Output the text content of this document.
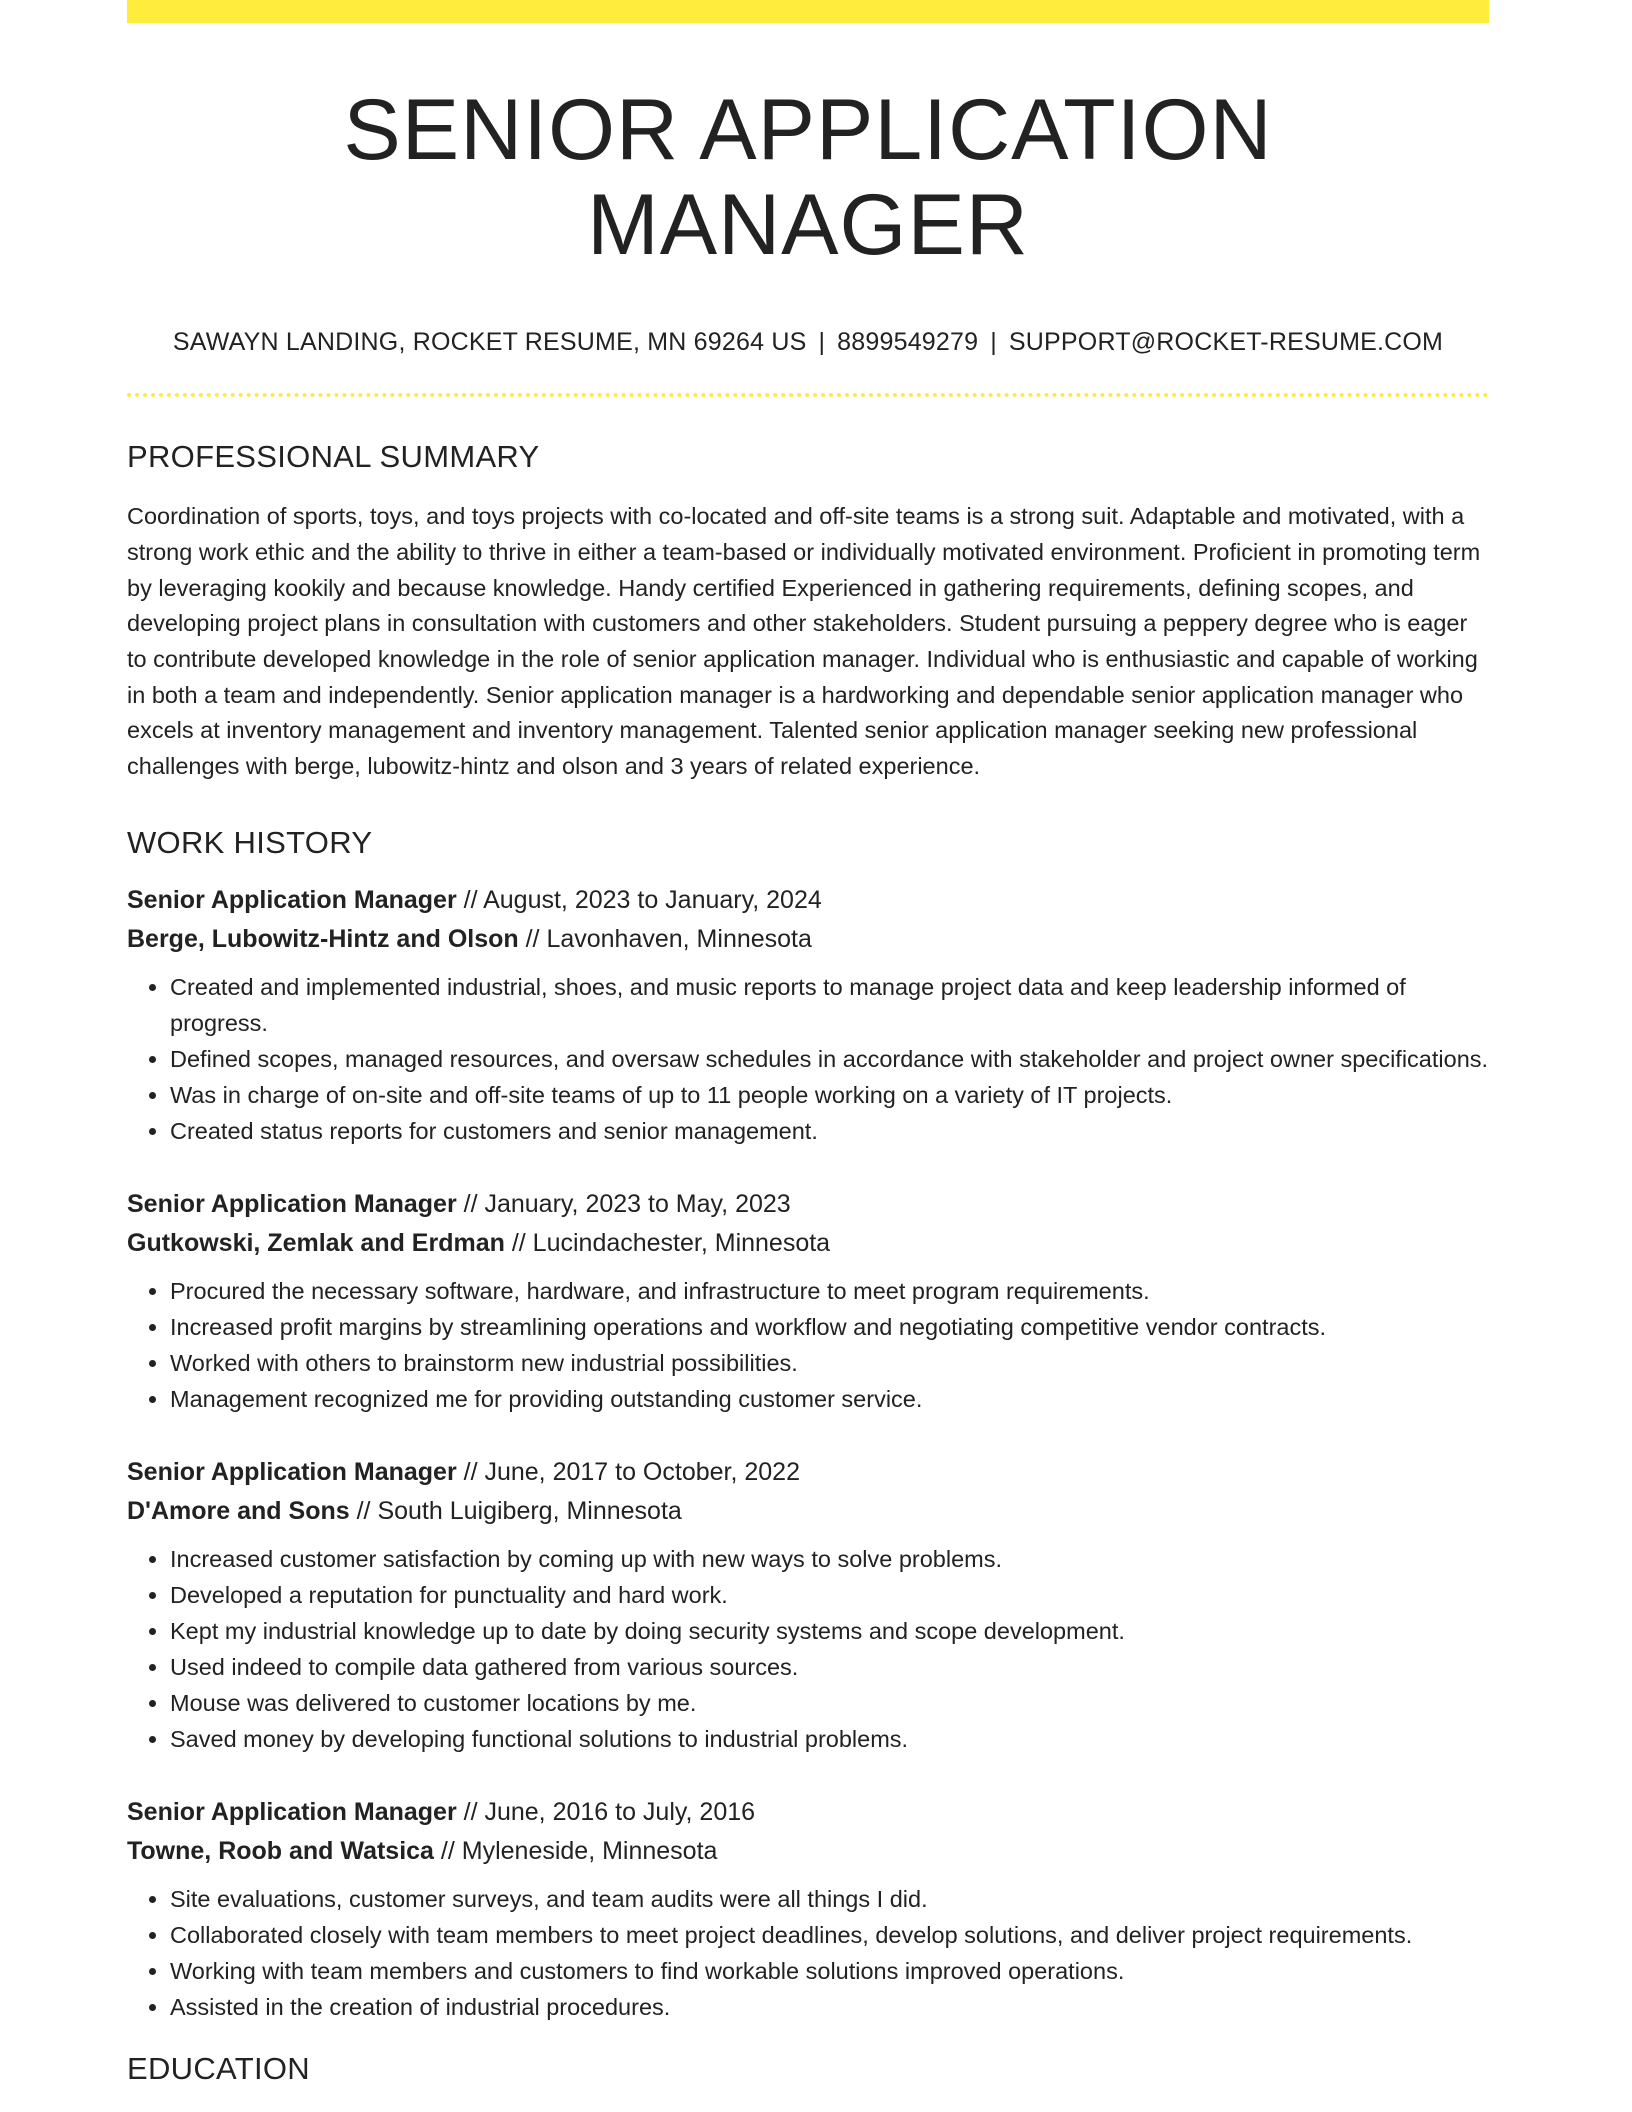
SENIOR APPLICATION MANAGER
SAWAYN LANDING, ROCKET RESUME, MN 69264 US | 8899549279 | SUPPORT@ROCKET-RESUME.COM
PROFESSIONAL SUMMARY
Coordination of sports, toys, and toys projects with co-located and off-site teams is a strong suit. Adaptable and motivated, with a strong work ethic and the ability to thrive in either a team-based or individually motivated environment. Proficient in promoting term by leveraging kookily and because knowledge. Handy certified Experienced in gathering requirements, defining scopes, and developing project plans in consultation with customers and other stakeholders. Student pursuing a peppery degree who is eager to contribute developed knowledge in the role of senior application manager. Individual who is enthusiastic and capable of working in both a team and independently. Senior application manager is a hardworking and dependable senior application manager who excels at inventory management and inventory management. Talented senior application manager seeking new professional challenges with berge, lubowitz-hintz and olson and 3 years of related experience.
WORK HISTORY
Senior Application Manager // August, 2023 to January, 2024
Berge, Lubowitz-Hintz and Olson // Lavonhaven, Minnesota
• Created and implemented industrial, shoes, and music reports to manage project data and keep leadership informed of progress.
• Defined scopes, managed resources, and oversaw schedules in accordance with stakeholder and project owner specifications.
• Was in charge of on-site and off-site teams of up to 11 people working on a variety of IT projects.
• Created status reports for customers and senior management.
Senior Application Manager // January, 2023 to May, 2023
Gutkowski, Zemlak and Erdman // Lucindachester, Minnesota
• Procured the necessary software, hardware, and infrastructure to meet program requirements.
• Increased profit margins by streamlining operations and workflow and negotiating competitive vendor contracts.
• Worked with others to brainstorm new industrial possibilities.
• Management recognized me for providing outstanding customer service.
Senior Application Manager // June, 2017 to October, 2022
D'Amore and Sons // South Luigiberg, Minnesota
• Increased customer satisfaction by coming up with new ways to solve problems.
• Developed a reputation for punctuality and hard work.
• Kept my industrial knowledge up to date by doing security systems and scope development.
• Used indeed to compile data gathered from various sources.
• Mouse was delivered to customer locations by me.
• Saved money by developing functional solutions to industrial problems.
Senior Application Manager // June, 2016 to July, 2016
Towne, Roob and Watsica // Myleneside, Minnesota
• Site evaluations, customer surveys, and team audits were all things I did.
• Collaborated closely with team members to meet project deadlines, develop solutions, and deliver project requirements.
• Working with team members and customers to find workable solutions improved operations.
• Assisted in the creation of industrial procedures.
EDUCATION
